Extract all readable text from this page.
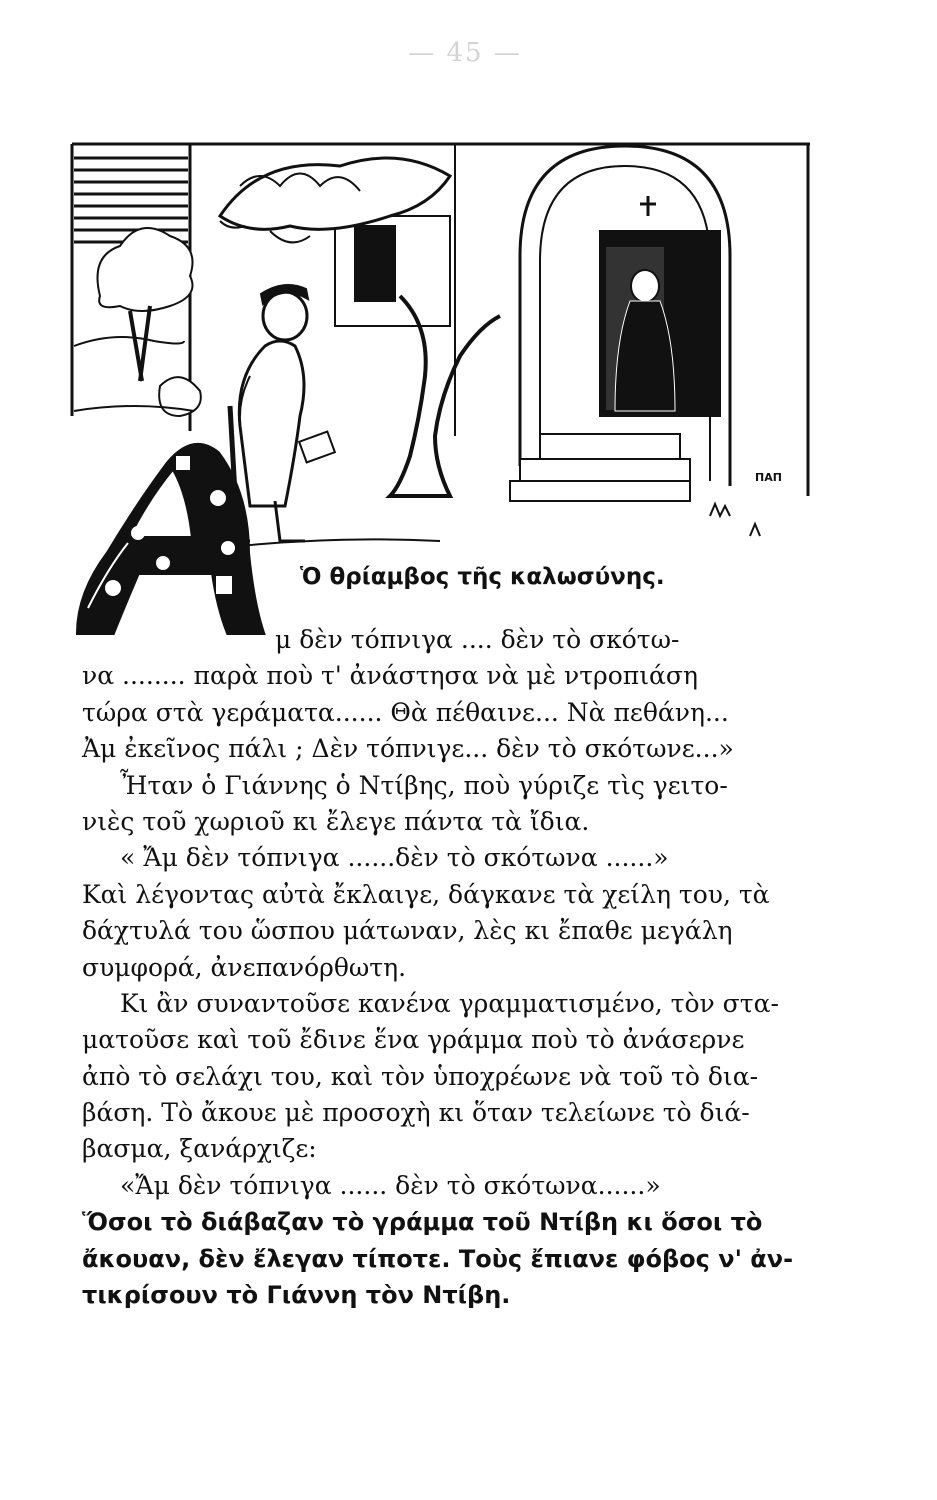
— 45 —
ΠΑΠ
Ὁ θρίαμβος τῆς καλωσύνης.
μ δὲν τόπνιγα .... δὲν τὸ σκότω-
να ........ παρὰ ποὺ τ' ἀνάστησα νὰ μὲ ντροπιάση
τώρα στὰ γεράματα...... Θὰ πέθαινε... Νὰ πεθάνη...
Ἀμ ἐκεῖνος πάλι ; Δὲν τόπνιγε... δὲν τὸ σκότωνε...»
Ἦταν ὁ Γιάννης ὁ Ντίβης, ποὺ γύριζε τὶς γειτο-
νιὲς τοῦ χωριοῦ κι ἔλεγε πάντα τὰ ἴδια.
« Ἄμ δὲν τόπνιγα ......δὲν τὸ σκότωνα ......»
Καὶ λέγοντας αὐτὰ ἔκλαιγε, δάγκανε τὰ χείλη του, τὰ
δάχτυλά του ὥσπου μάτωναν, λὲς κι ἔπαθε μεγάλη
συμφορά, ἀνεπανόρθωτη.
Κι ἂν συναντοῦσε κανένα γραμματισμένο, τὸν στα-
ματοῦσε καὶ τοῦ ἔδινε ἕνα γράμμα ποὺ τὸ ἀνάσερνε
ἀπὸ τὸ σελάχι του, καὶ τὸν ὑποχρέωνε νὰ τοῦ τὸ δια-
βάση. Τὸ ἄκουε μὲ προσοχὴ κι ὅταν τελείωνε τὸ διά-
βασμα, ξανάρχιζε:
«Ἄμ δὲν τόπνιγα ...... δὲν τὸ σκότωνα......»
Ὅσοι τὸ διάβαζαν τὸ γράμμα τοῦ Ντίβη κι ὅσοι τὸ
ἄκουαν, δὲν ἔλεγαν τίποτε. Τοὺς ἔπιανε φόβος ν' ἀν-
τικρίσουν τὸ Γιάννη τὸν Ντίβη.
